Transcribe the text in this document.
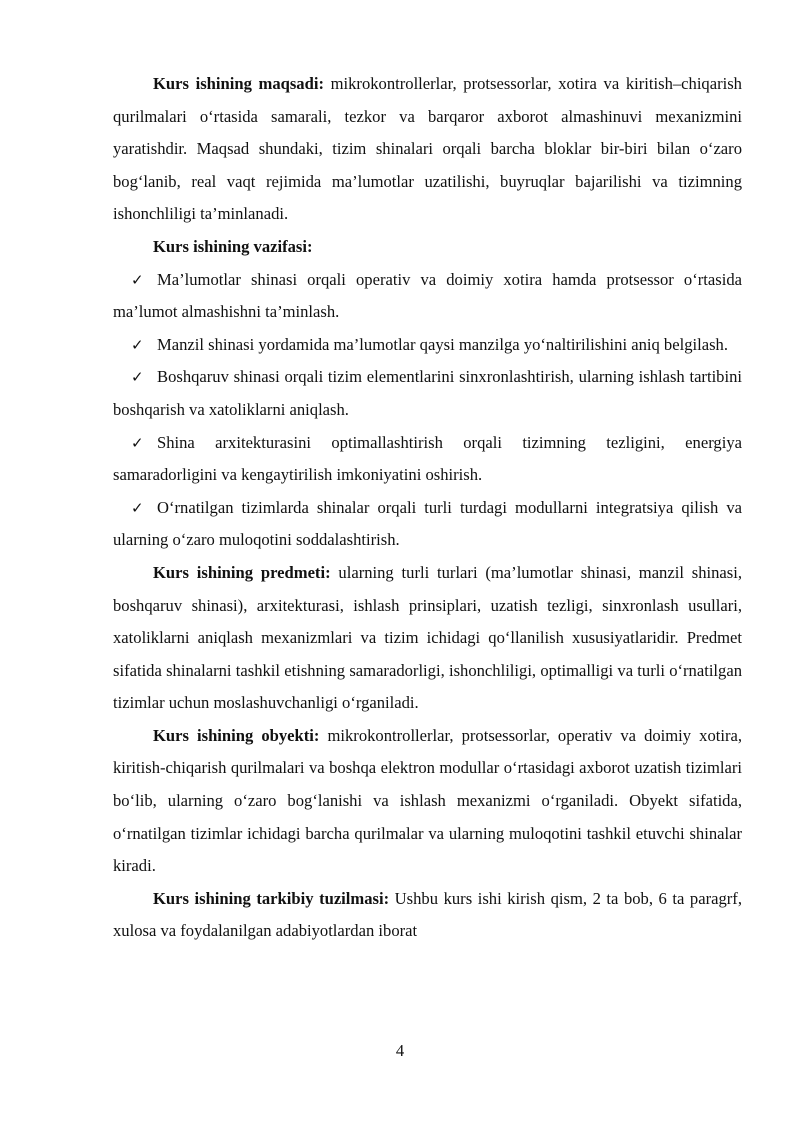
Kurs ishining maqsadi: mikrokontrollerlar, protsessorlar, xotira va kiritish–chiqarish qurilmalari o‘rtasida samarali, tezkor va barqaror axborot almashinuvi mexanizmini yaratishdir. Maqsad shundaki, tizim shinalari orqali barcha bloklar bir-biri bilan o‘zaro bog‘lanib, real vaqt rejimida ma’lumotlar uzatilishi, buyruqlar bajarilishi va tizimning ishonchliligi ta’minlanadi.

Kurs ishining vazifasi:

✓ Ma’lumotlar shinasi orqali operativ va doimiy xotira hamda protsessor o‘rtasida ma’lumot almashishni ta’minlash.

✓ Manzil shinasi yordamida ma’lumotlar qaysi manzilga yo‘naltirilishini aniq belgilash.

✓ Boshqaruv shinasi orqali tizim elementlarini sinxronlashtirish, ularning ishlash tartibini boshqarish va xatoliklarni aniqlash.

✓ Shina arxitekturasini optimallashtirish orqali tizimning tezligini, energiya samaradorligini va kengaytirilish imkoniyatini oshirish.

✓ O‘rnatilgan tizimlarda shinalar orqali turli turdagi modullarni integratsiya qilish va ularning o‘zaro muloqotini soddalashtirish.

Kurs ishining predmeti: ularning turli turlari (ma’lumotlar shinasi, manzil shinasi, boshqaruv shinasi), arxitekturasi, ishlash prinsiplari, uzatish tezligi, sinxronlash usullari, xatoliklarni aniqlash mexanizmlari va tizim ichidagi qo‘llanilish xususiyatlaridir. Predmet sifatida shinalarni tashkil etishning samaradorligi, ishonchliligi, optimalligi va turli o‘rnatilgan tizimlar uchun moslashuvchanligi o‘rganiladi.

Kurs ishining obyekti: mikrokontrollerlar, protsessorlar, operativ va doimiy xotira, kiritish-chiqarish qurilmalari va boshqa elektron modullar o‘rtasidagi axborot uzatish tizimlari bo‘lib, ularning o‘zaro bog‘lanishi va ishlash mexanizmi o‘rganiladi. Obyekt sifatida, o‘rnatilgan tizimlar ichidagi barcha qurilmalar va ularning muloqotini tashkil etuvchi shinalar kiradi.

Kurs ishining tarkibiy tuzilmasi: Ushbu kurs ishi kirish qism, 2 ta bob, 6 ta paragrf, xulosa va foydalanilgan adabiyotlardan iborat

4
